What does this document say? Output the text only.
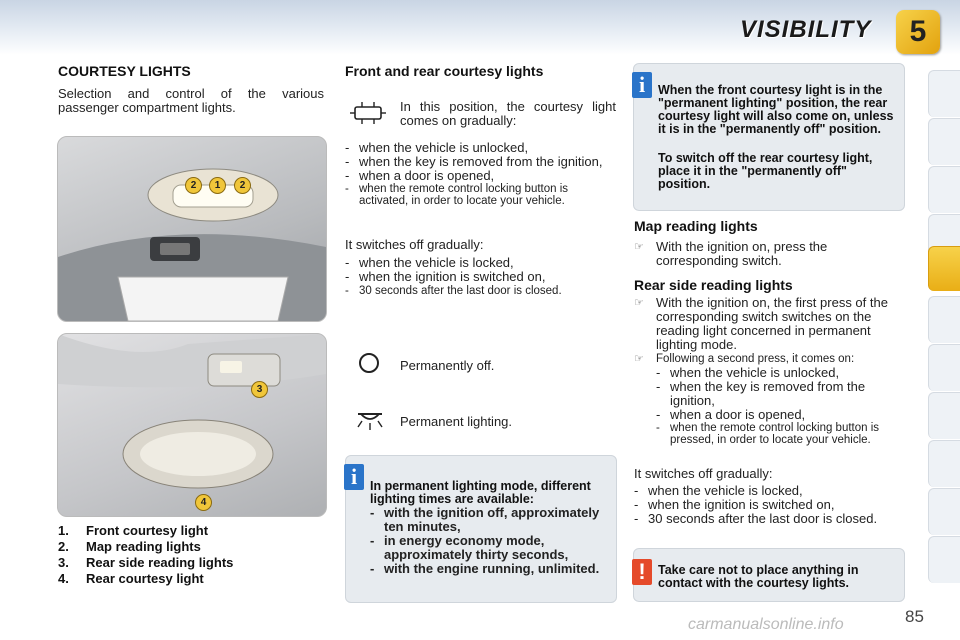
VISIBILITY	5
COURTESY LIGHTS
Selection and control of the various passenger compartment lights.
2	1	2
3
4
1. Front courtesy light
2. Map reading lights
3. Rear side reading lights
4. Rear courtesy light
Front and rear courtesy lights
In this position, the courtesy light comes on gradually:
- when the vehicle is unlocked,
- when the key is removed from the ignition,
- when a door is opened,
- when the remote control locking button is activated, in order to locate your vehicle.
It switches off gradually:
- when the vehicle is locked,
- when the ignition is switched on,
- 30 seconds after the last door is closed.
Permanently off.
Permanent lighting.
i	In permanent lighting mode, different lighting times are available:
- with the ignition off, approximately ten minutes,
- in energy economy mode, approximately thirty seconds,
- with the engine running, unlimited.
i	When the front courtesy light is in the "permanent lighting" position, the rear courtesy light will also come on, unless it is in the "permanently off" position.
To switch off the rear courtesy light, place it in the "permanently off" position.
Map reading lights
☞ With the ignition on, press the corresponding switch.
Rear side reading lights
☞ With the ignition on, the first press of the corresponding switch switches on the reading light concerned in permanent lighting mode.
☞ Following a second press, it comes on:
- when the vehicle is unlocked,
- when the key is removed from the ignition,
- when a door is opened,
- when the remote control locking button is pressed, in order to locate your vehicle.
It switches off gradually:
- when the vehicle is locked,
- when the ignition is switched on,
- 30 seconds after the last door is closed.
! Take care not to place anything in contact with the courtesy lights.
carmanualsonline.info	85
